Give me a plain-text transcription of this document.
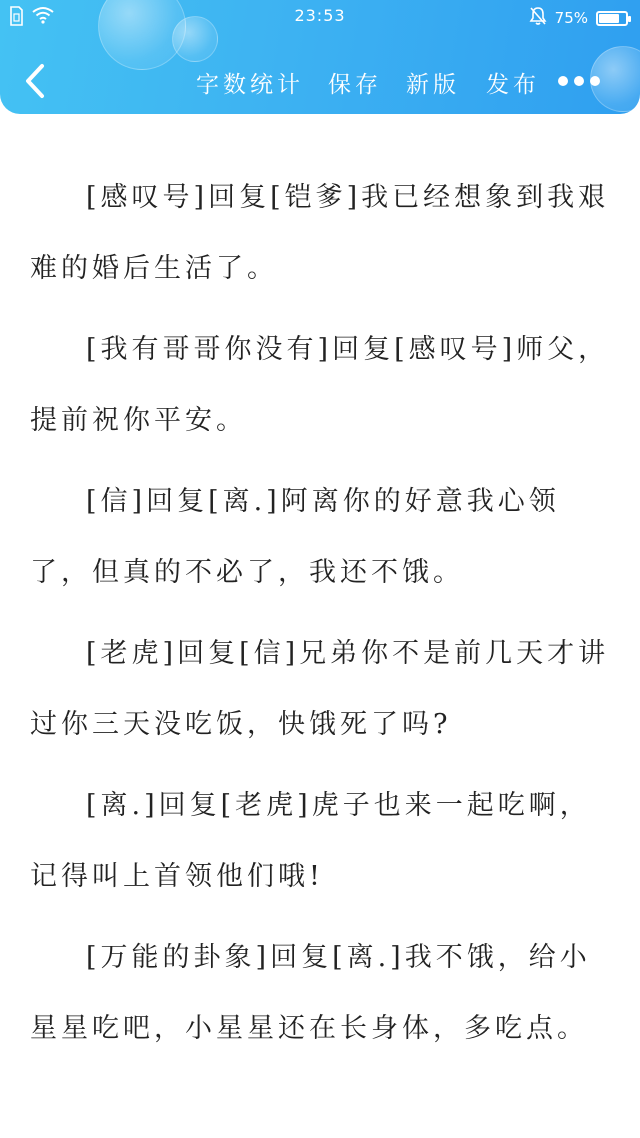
23:53	75%
字数统计 保存 新版 发布

[感叹号]回复[铠爹]我已经想象到我艰难的婚后生活了。

[我有哥哥你没有]回复[感叹号]师父，提前祝你平安。

[信]回复[离.]阿离你的好意我心领了，但真的不必了，我还不饿。

[老虎]回复[信]兄弟你不是前几天才讲过你三天没吃饭，快饿死了吗?

[离.]回复[老虎]虎子也来一起吃啊，记得叫上首领他们哦!

[万能的卦象]回复[离.]我不饿，给小星星吃吧，小星星还在长身体，多吃点。
